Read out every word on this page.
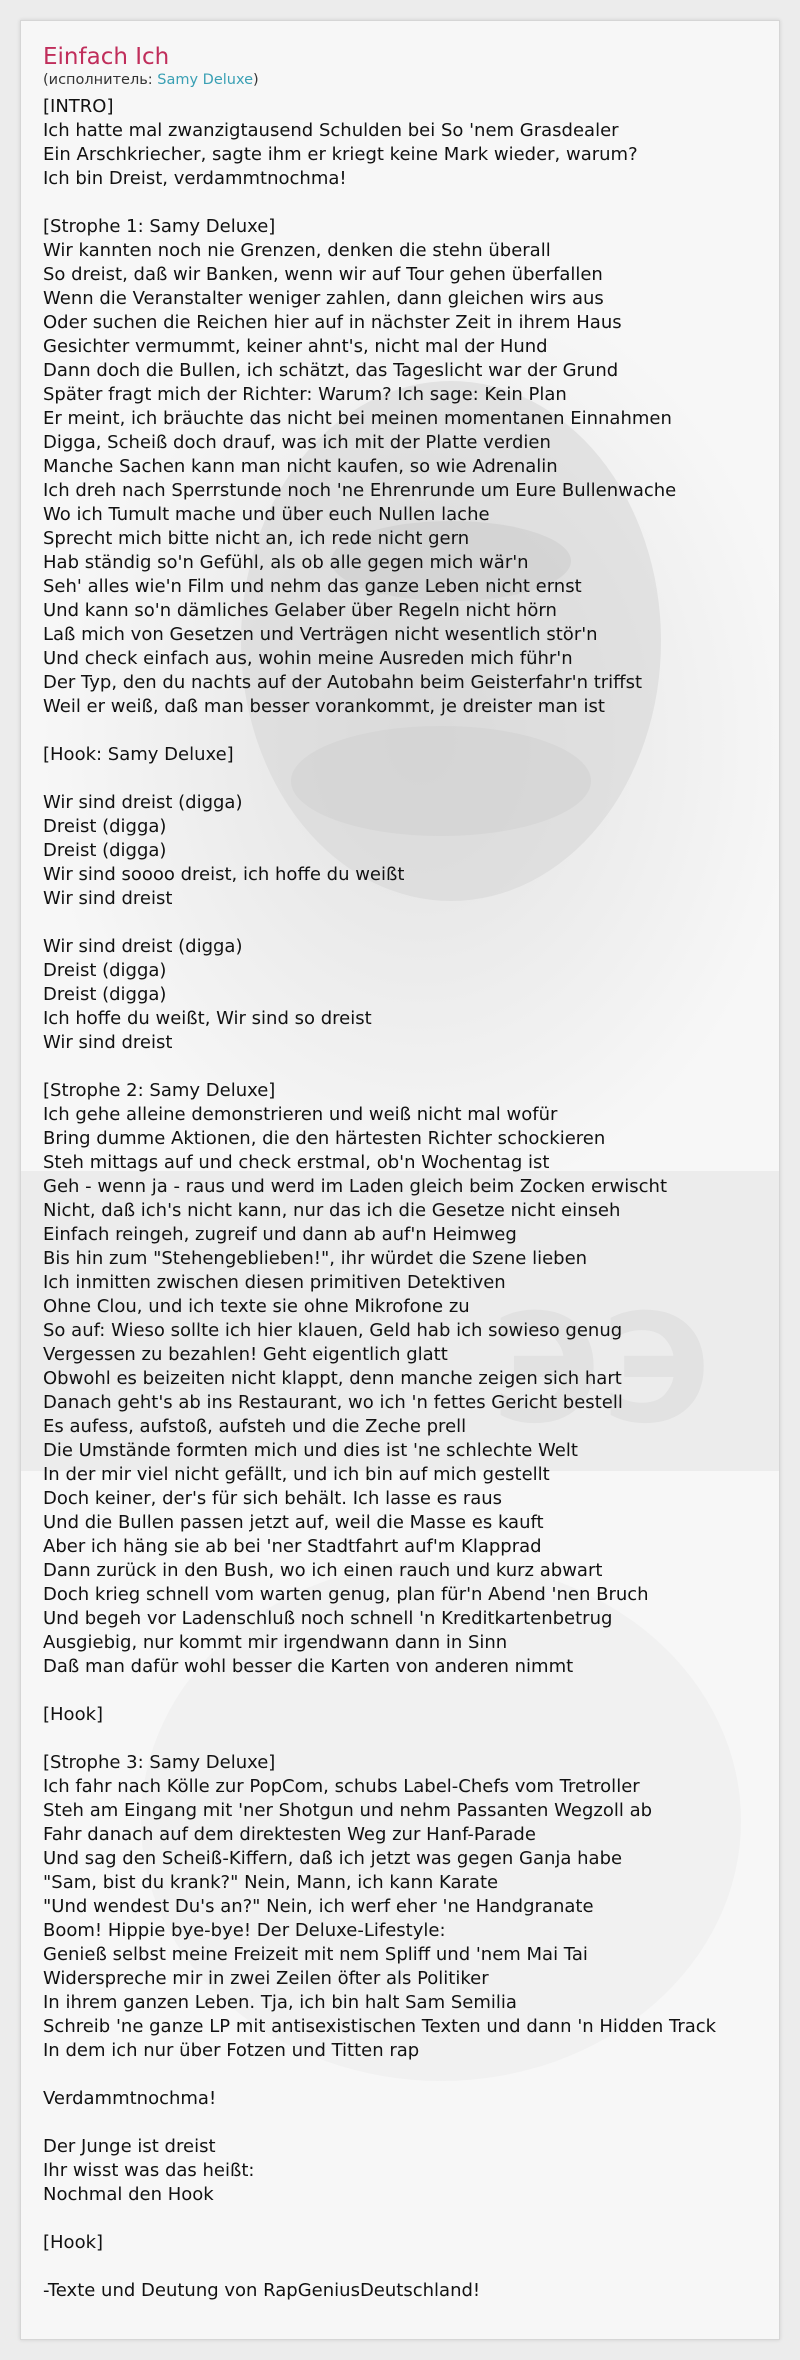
ЭЭ
Einfach Ich
(исполнитель: Samy Deluxe)
[INTRO]
Ich hatte mal zwanzigtausend Schulden bei So 'nem Grasdealer
Ein Arschkriecher, sagte ihm er kriegt keine Mark wieder, warum?
Ich bin Dreist, verdammtnochma!
[Strophe 1: Samy Deluxe]
Wir kannten noch nie Grenzen, denken die stehn überall
So dreist, daß wir Banken, wenn wir auf Tour gehen überfallen
Wenn die Veranstalter weniger zahlen, dann gleichen wirs aus
Oder suchen die Reichen hier auf in nächster Zeit in ihrem Haus
Gesichter vermummt, keiner ahnt's, nicht mal der Hund
Dann doch die Bullen, ich schätzt, das Tageslicht war der Grund
Später fragt mich der Richter: Warum? Ich sage: Kein Plan
Er meint, ich bräuchte das nicht bei meinen momentanen Einnahmen
Digga, Scheiß doch drauf, was ich mit der Platte verdien
Manche Sachen kann man nicht kaufen, so wie Adrenalin
Ich dreh nach Sperrstunde noch 'ne Ehrenrunde um Eure Bullenwache
Wo ich Tumult mache und über euch Nullen lache
Sprecht mich bitte nicht an, ich rede nicht gern
Hab ständig so'n Gefühl, als ob alle gegen mich wär'n
Seh' alles wie'n Film und nehm das ganze Leben nicht ernst
Und kann so'n dämliches Gelaber über Regeln nicht hörn
Laß mich von Gesetzen und Verträgen nicht wesentlich stör'n
Und check einfach aus, wohin meine Ausreden mich führ'n
Der Typ, den du nachts auf der Autobahn beim Geisterfahr'n triffst
Weil er weiß, daß man besser vorankommt, je dreister man ist
[Hook: Samy Deluxe]
Wir sind dreist (digga)
Dreist (digga)
Dreist (digga)
Wir sind soooo dreist, ich hoffe du weißt
Wir sind dreist
Wir sind dreist (digga)
Dreist (digga)
Dreist (digga)
Ich hoffe du weißt, Wir sind so dreist
Wir sind dreist
[Strophe 2: Samy Deluxe]
Ich gehe alleine demonstrieren und weiß nicht mal wofür
Bring dumme Aktionen, die den härtesten Richter schockieren
Steh mittags auf und check erstmal, ob'n Wochentag ist
Geh - wenn ja - raus und werd im Laden gleich beim Zocken erwischt
Nicht, daß ich's nicht kann, nur das ich die Gesetze nicht einseh
Einfach reingeh, zugreif und dann ab auf'n Heimweg
Bis hin zum "Stehengeblieben!", ihr würdet die Szene lieben
Ich inmitten zwischen diesen primitiven Detektiven
Ohne Clou, und ich texte sie ohne Mikrofone zu
So auf: Wieso sollte ich hier klauen, Geld hab ich sowieso genug
Vergessen zu bezahlen! Geht eigentlich glatt
Obwohl es beizeiten nicht klappt, denn manche zeigen sich hart
Danach geht's ab ins Restaurant, wo ich 'n fettes Gericht bestell
Es aufess, aufstoß, aufsteh und die Zeche prell
Die Umstände formten mich und dies ist 'ne schlechte Welt
In der mir viel nicht gefällt, und ich bin auf mich gestellt
Doch keiner, der's für sich behält. Ich lasse es raus
Und die Bullen passen jetzt auf, weil die Masse es kauft
Aber ich häng sie ab bei 'ner Stadtfahrt auf'm Klapprad
Dann zurück in den Bush, wo ich einen rauch und kurz abwart
Doch krieg schnell vom warten genug, plan für'n Abend 'nen Bruch
Und begeh vor Ladenschluß noch schnell 'n Kreditkartenbetrug
Ausgiebig, nur kommt mir irgendwann dann in Sinn
Daß man dafür wohl besser die Karten von anderen nimmt
[Hook]
[Strophe 3: Samy Deluxe]
Ich fahr nach Kölle zur PopCom, schubs Label-Chefs vom Tretroller
Steh am Eingang mit 'ner Shotgun und nehm Passanten Wegzoll ab
Fahr danach auf dem direktesten Weg zur Hanf-Parade
Und sag den Scheiß-Kiffern, daß ich jetzt was gegen Ganja habe
"Sam, bist du krank?" Nein, Mann, ich kann Karate
"Und wendest Du's an?" Nein, ich werf eher 'ne Handgranate
Boom! Hippie bye-bye! Der Deluxe-Lifestyle:
Genieß selbst meine Freizeit mit nem Spliff und 'nem Mai Tai
Widerspreche mir in zwei Zeilen öfter als Politiker
In ihrem ganzen Leben. Tja, ich bin halt Sam Semilia
Schreib 'ne ganze LP mit antisexistischen Texten und dann 'n Hidden Track
In dem ich nur über Fotzen und Titten rap
Verdammtnochma!
Der Junge ist dreist
Ihr wisst was das heißt:
Nochmal den Hook
[Hook]
-Texte und Deutung von RapGeniusDeutschland!
